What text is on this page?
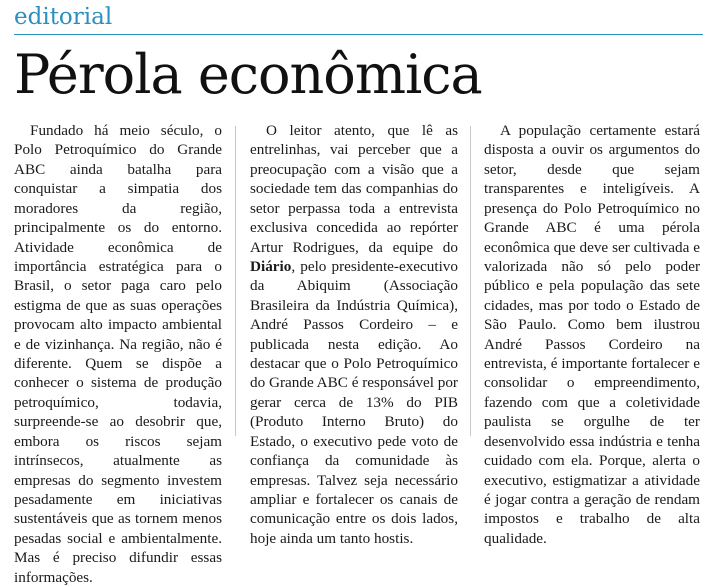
editorial
Pérola econômica

Fundado há meio século, o Polo Petroquímico do Grande ABC ainda batalha para conquistar a simpatia dos moradores da região, principalmente os do entorno. Atividade econômica de importância estratégica para o Brasil, o setor paga caro pelo estigma de que as suas operações provocam alto impacto ambiental e de vizinhança. Na região, não é diferente. Quem se dispõe a conhecer o sistema de produção petroquímico, todavia, surpreende-se ao desobrir que, embora os riscos sejam intrínsecos, atualmente as empresas do segmento investem pesadamente em iniciativas sustentáveis que as tornem menos pesadas social e ambientalmente. Mas é preciso difundir essas informações.

O leitor atento, que lê as entrelinhas, vai perceber que a preocupação com a visão que a sociedade tem das companhias do setor perpassa toda a entrevista exclusiva concedida ao repórter Artur Rodrigues, da equipe do Diário, pelo presidente-executivo da Abiquim (Associação Brasileira da Indústria Química), André Passos Cordeiro – e publicada nesta edição. Ao destacar que o Polo Petroquímico do Grande ABC é responsável por gerar cerca de 13% do PIB (Produto Interno Bruto) do Estado, o executivo pede voto de confiança da comunidade às empresas. Talvez seja necessário ampliar e fortalecer os canais de comunicação entre os dois lados, hoje ainda um tanto hostis.

A população certamente estará disposta a ouvir os argumentos do setor, desde que sejam transparentes e inteligíveis. A presença do Polo Petroquímico no Grande ABC é uma pérola econômica que deve ser cultivada e valorizada não só pelo poder público e pela população das sete cidades, mas por todo o Estado de São Paulo. Como bem ilustrou André Passos Cordeiro na entrevista, é importante fortalecer e consolidar o empreendimento, fazendo com que a coletividade paulista se orgulhe de ter desenvolvido essa indústria e tenha cuidado com ela. Porque, alerta o executivo, estigmatizar a atividade é jogar contra a geração de rendam impostos e trabalho de alta qualidade.
